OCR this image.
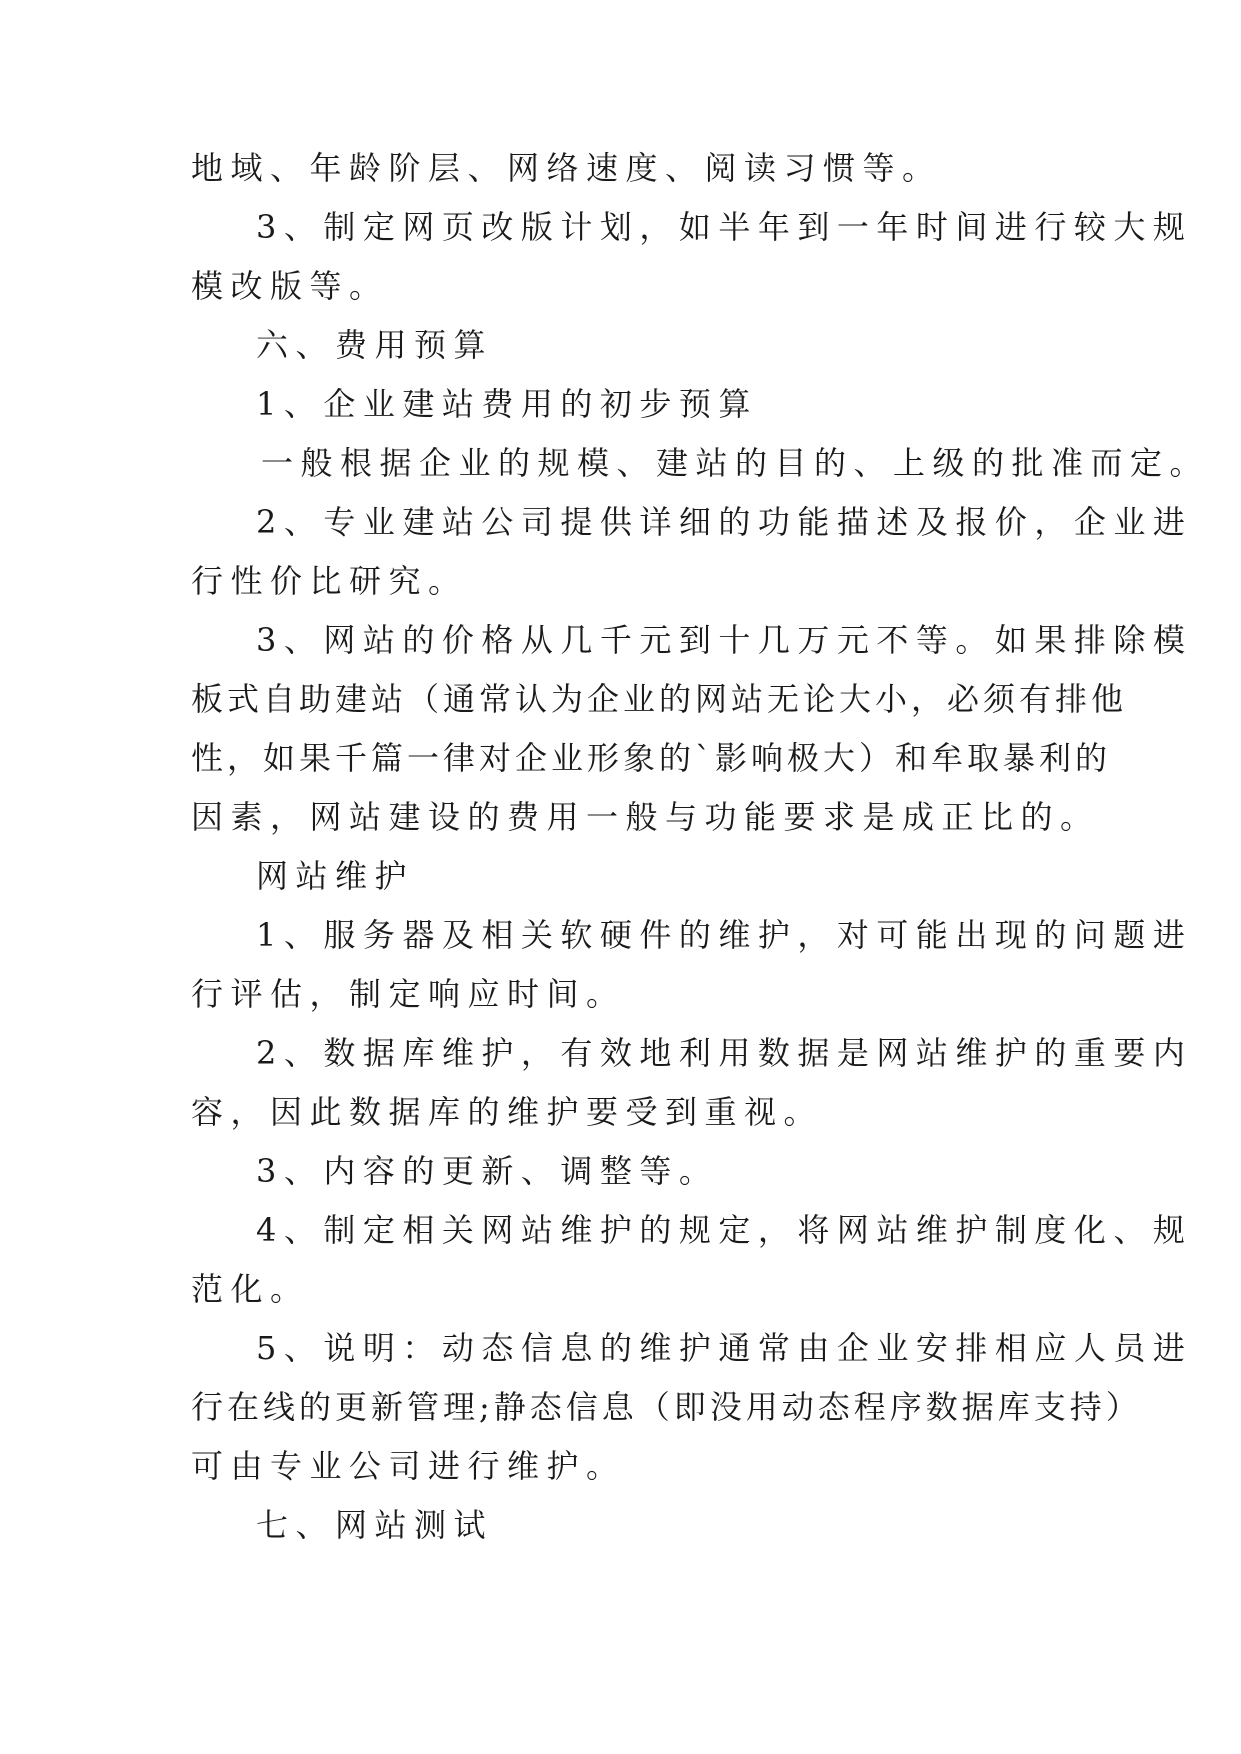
地域、年龄阶层、网络速度、阅读习惯等。

3、制定网页改版计划，如半年到一年时间进行较大规

模改版等。

六、费用预算

1、企业建站费用的初步预算

一般根据企业的规模、建站的目的、上级的批准而定。

2、专业建站公司提供详细的功能描述及报价，企业进

行性价比研究。

3、网站的价格从几千元到十几万元不等。如果排除模

板式自助建站（通常认为企业的网站无论大小，必须有排他

性，如果千篇一律对企业形象的`影响极大）和牟取暴利的

因素，网站建设的费用一般与功能要求是成正比的。

网站维护

1、服务器及相关软硬件的维护，对可能出现的问题进

行评估，制定响应时间。

2、数据库维护，有效地利用数据是网站维护的重要内

容，因此数据库的维护要受到重视。

3、内容的更新、调整等。

4、制定相关网站维护的规定，将网站维护制度化、规

范化。

5、说明：动态信息的维护通常由企业安排相应人员进

行在线的更新管理;静态信息（即没用动态程序数据库支持）

可由专业公司进行维护。

七、网站测试
